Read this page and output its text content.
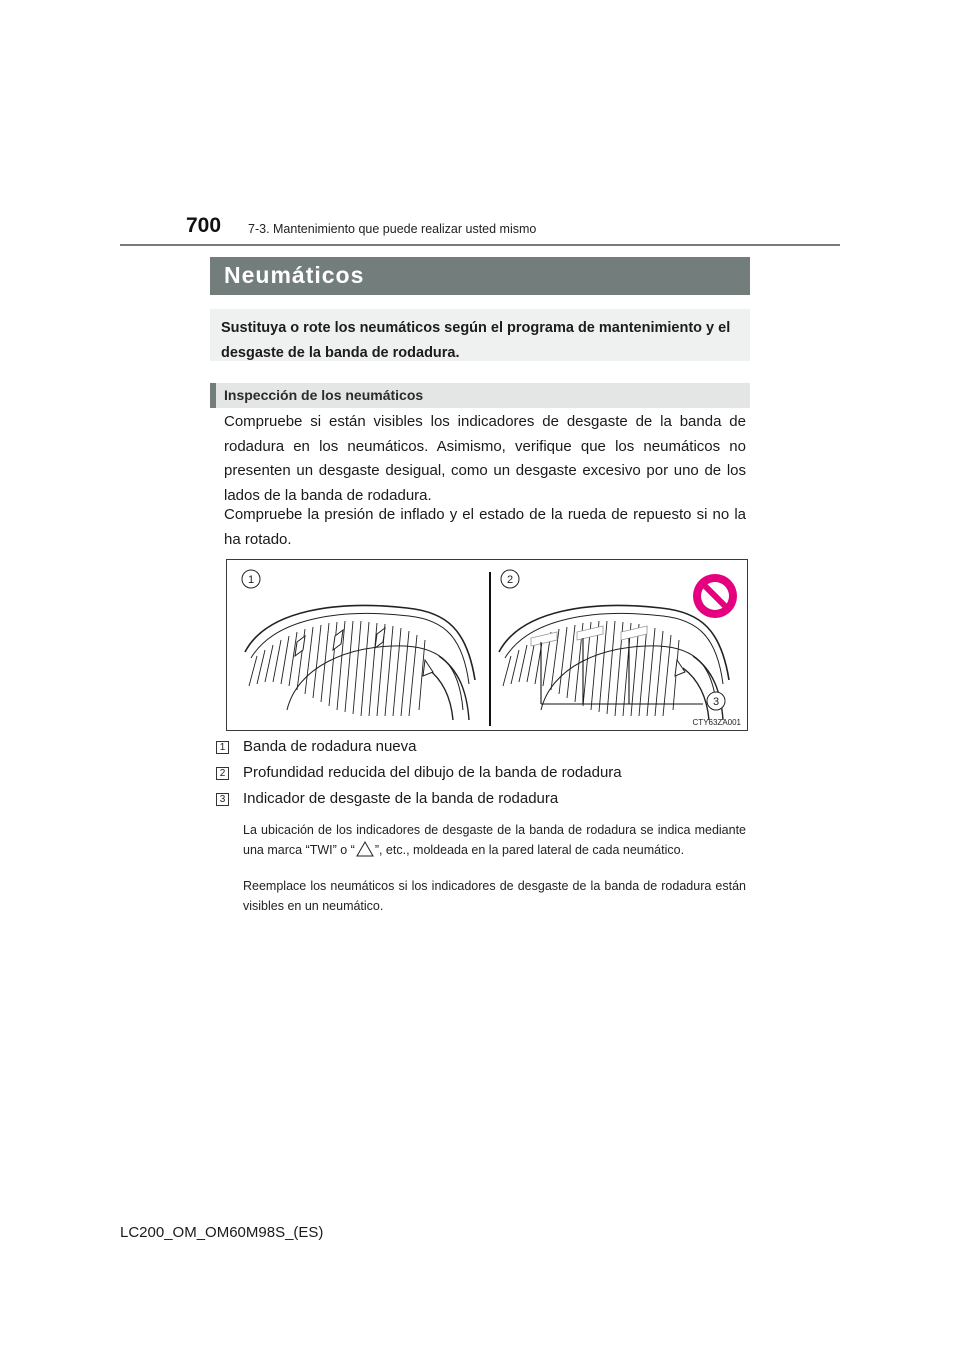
700 7-3. Mantenimiento que puede realizar usted mismo
Neumáticos
Sustituya o rote los neumáticos según el programa de mantenimiento y el desgaste de la banda de rodadura.
Inspección de los neumáticos
Compruebe si están visibles los indicadores de desgaste de la banda de rodadura en los neumáticos. Asimismo, verifique que los neumáticos no presenten un desgaste desigual, como un desgaste excesivo por uno de los lados de la banda de rodadura.
Compruebe la presión de inflado y el estado de la rueda de repuesto si no la ha rotado.
1	2
3
CTY63ZA001
1 Banda de rodadura nueva
2 Profundidad reducida del dibujo de la banda de rodadura
3 Indicador de desgaste de la banda de rodadura
La ubicación de los indicadores de desgaste de la banda de rodadura se indica mediante una marca “TWI” o “ ”, etc., moldeada en la pared lateral de cada neumático.
Reemplace los neumáticos si los indicadores de desgaste de la banda de rodadura están visibles en un neumático.
LC200_OM_OM60M98S_(ES)
